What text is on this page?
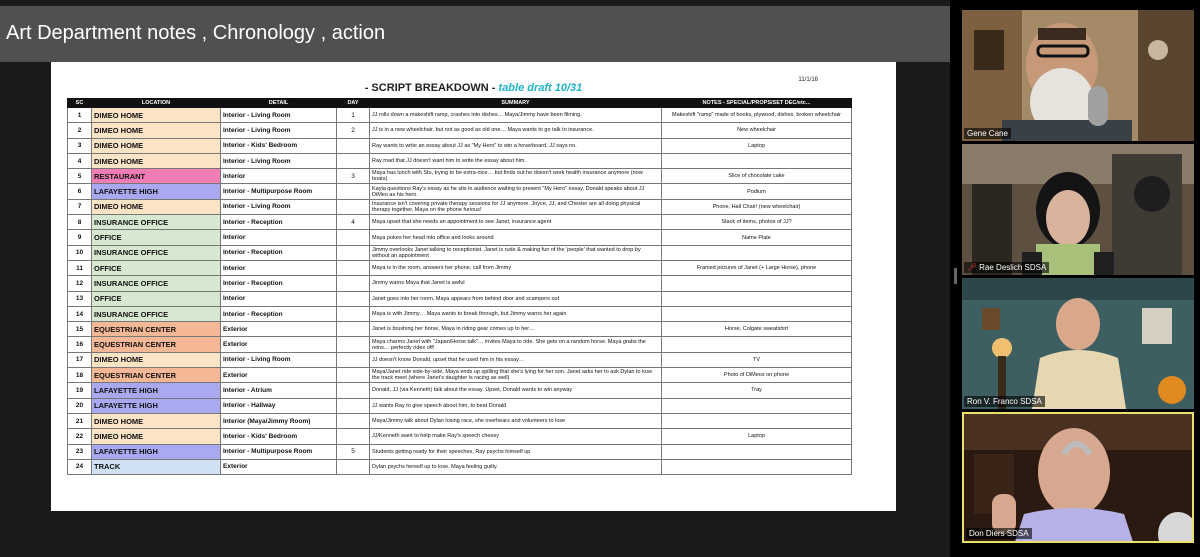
Art Department notes , Chronology , action
11/1/16
- SCRIPT BREAKDOWN - table draft 10/31
SC	LOCATION	DETAIL	DAY	SUMMARY	NOTES - SPECIAL/PROPS/SET DEC/etc...
1	DIMEO HOME	Interior - Living Room	1	JJ rolls down a makeshift ramp, crashes into dishes… Maya/Jimmy have been filming.	Makeshift "ramp" made of books, plywood, dishes, broken wheelchair
2	DIMEO HOME	Interior - Living Room	2	JJ is in a new wheelchair, but not as good as old one… Maya wants to go talk to insurance.	New wheelchair
3	DIMEO HOME	Interior - Kids' Bedroom		Ray wants to write an essay about JJ as "My Hero" to win a hoverboard. JJ says no.	Laptop
4	DIMEO HOME	Interior - Living Room		Ray mad that JJ doesn't want him to write the essay about him.	
5	RESTAURANT	Interior	3	Maya has lunch with Stu, trying to be extra-nice… but finds out he doesn't work health insurance anymore (now boats)	Slice of chocolate cake
6	LAFAYETTE HIGH	Interior - Multipurpose Room		Kayla questions Ray's essay as he sits in audience waiting to present "My Hero" essay. Donald speaks about JJ DiMeo as his hero.	Podium
7	DIMEO HOME	Interior - Living Room		Insurance isn't covering private therapy sessions for JJ anymore. Joyce, JJ, and Chester are all doing physical therapy together. Maya on the phone furious!	Phone, Hall Chair! (new wheelchair)
8	INSURANCE OFFICE	Interior - Reception	4	Maya upset that she needs an appointment to see Janet, insurance agent	Stack of items, photos of JJ?
9	OFFICE	Interior		Maya pokes her head into office and looks around	Name Plate
10	INSURANCE OFFICE	Interior - Reception		Jimmy overlooks Janet talking to receptionist. Janet is rude & making fun of the 'people' that wanted to drop by without an appointment	
11	OFFICE	Interior		Maya is in the room, answers her phone, call from Jimmy	Framed pictures of Janet (+ Large Horse), phone
12	INSURANCE OFFICE	Interior - Reception		Jimmy warns Maya that Janet is awful	
13	OFFICE	Interior		Janet goes into her room, Maya appears from behind door and scampers out	
14	INSURANCE OFFICE	Interior - Reception		Maya is with Jimmy… Maya wants to break through, but Jimmy warns her again	
15	EQUESTRIAN CENTER	Exterior		Janet is brushing her horse, Maya in riding gear comes up to her…	Horse, Colgate sweatshirt
16	EQUESTRIAN CENTER	Exterior		Maya charms Janet with "Japan/Horse talk"… invites Maya to ride. She gets on a random horse. Maya grabs the reins… perfectly rides off!	
17	DIMEO HOME	Interior - Living Room		JJ doesn't know Donald, upset that he used him in his essay…	TV
18	EQUESTRIAN CENTER	Exterior		Maya/Janet ride side-by-side, Maya ends up spilling that she's lying for her son. Janet asks her to ask Dylan to lose the track meet (where Janet's daughter is racing as well)	Photo of DiMeos on phone
19	LAFAYETTE HIGH	Interior - Atrium		Donald, JJ (via Kenneth) talk about the essay. Upset, Donald wants to win anyway	Tray
20	LAFAYETTE HIGH	Interior - Hallway		JJ wants Ray to give speech about him, to beat Donald	
21	DIMEO HOME	Interior (Maya/Jimmy Room)		Maya/Jimmy talk about Dylan losing race, she overhears and volunteers to lose	
22	DIMEO HOME	Interior - Kids' Bedroom		JJ/Kenneth want to help make Ray's speech cheesy	Laptop
23	LAFAYETTE HIGH	Interior - Multipurpose Room	5	Students getting ready for their speeches, Ray psychs himself up	
24	TRACK	Exterior		Dylan psychs herself up to lose. Maya feeling guilty.	
Gene Cane
🎤︎ Rae Deslich SDSA
Ron V. Franco SDSA
Don Diers SDSA
